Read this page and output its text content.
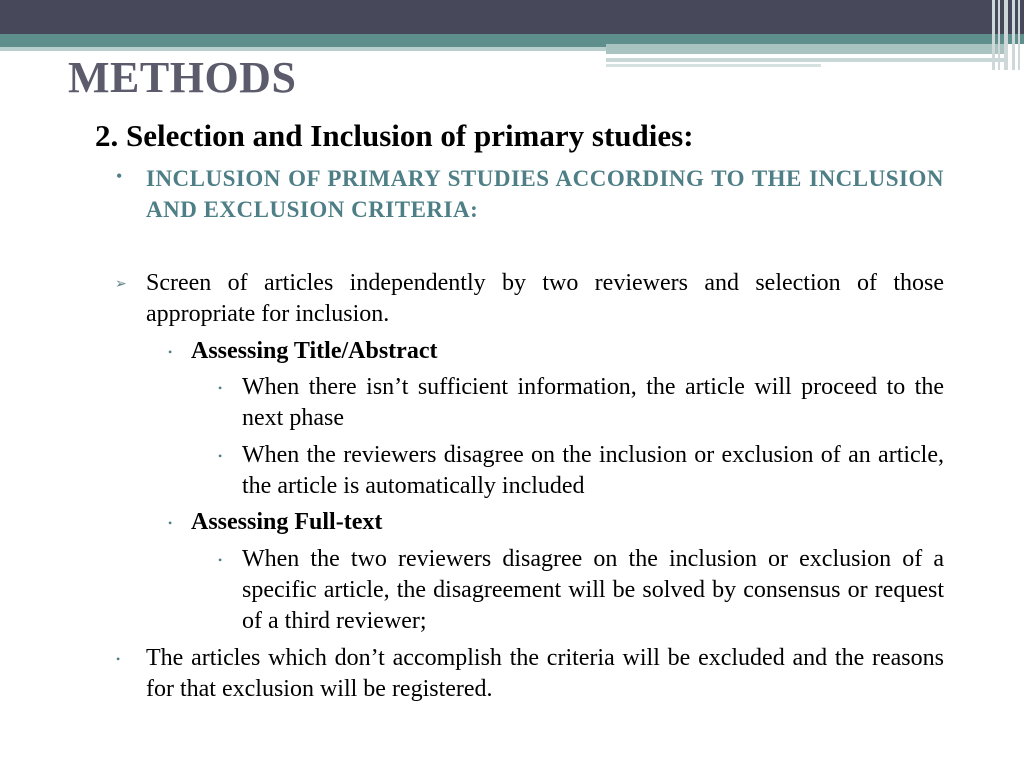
METHODS
2. Selection and Inclusion of primary studies:
• INCLUSION OF PRIMARY STUDIES ACCORDING TO THE INCLUSION AND EXCLUSION CRITERIA:
➢ Screen of articles independently by two reviewers and selection of those appropriate for inclusion.
• Assessing Title/Abstract
• When there isn’t sufficient information, the article will proceed to the next phase
• When the reviewers disagree on the inclusion or exclusion of an article, the article is automatically included
• Assessing Full-text
• When the two reviewers disagree on the inclusion or exclusion of a specific article, the disagreement will be solved by consensus or request of a third reviewer;
• The articles which don’t accomplish the criteria will be excluded and the reasons for that exclusion will be registered.
